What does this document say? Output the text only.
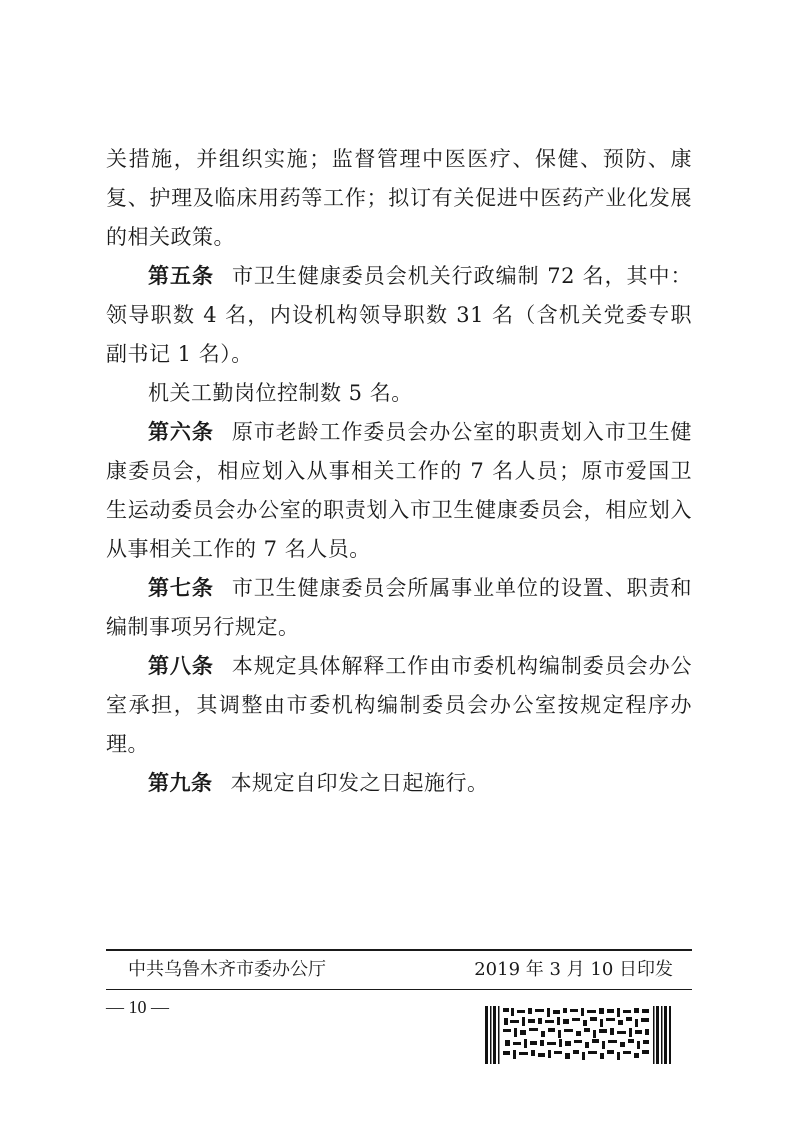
关措施，并组织实施；监督管理中医医疗、保健、预防、康复、护理及临床用药等工作；拟订有关促进中医药产业化发展的相关政策。

第五条 市卫生健康委员会机关行政编制 72 名，其中：领导职数 4 名，内设机构领导职数 31 名（含机关党委专职副书记 1 名）。

机关工勤岗位控制数 5 名。

第六条 原市老龄工作委员会办公室的职责划入市卫生健康委员会，相应划入从事相关工作的 7 名人员；原市爱国卫生运动委员会办公室的职责划入市卫生健康委员会，相应划入从事相关工作的 7 名人员。

第七条 市卫生健康委员会所属事业单位的设置、职责和编制事项另行规定。

第八条 本规定具体解释工作由市委机构编制委员会办公室承担，其调整由市委机构编制委员会办公室按规定程序办理。

第九条 本规定自印发之日起施行。

中共乌鲁木齐市委办公厅	2019 年 3 月 10 日印发
— 10 —
